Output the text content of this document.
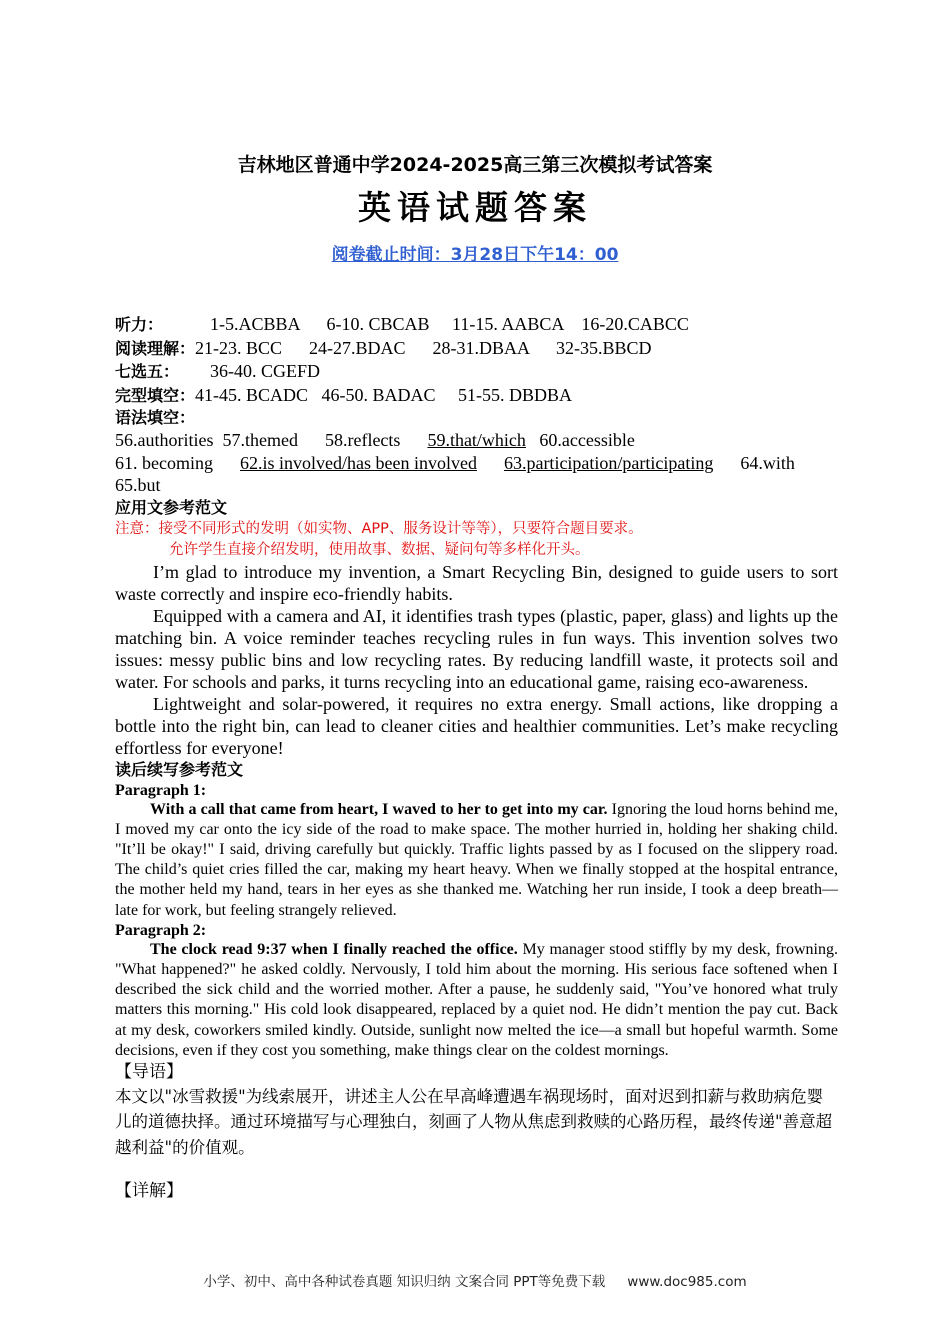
吉林地区普通中学2024-2025高三第三次模拟考试答案
英语试题答案
阅卷截止时间：3月28日下午14：00
听力：	1-5.ACBBA      6-10. CBCAB     11-15. AABCA    16-20.CABCC
阅读理解：21-23. BCC      24-27.BDAC      28-31.DBAA      32-35.BBCD
七选五： 36-40. CGEFD
完型填空：41-45. BCADC   46-50. BADAC     51-55. DBDBA
语法填空：
56.authorities 57.themed 58.reflects 59.that/which 60.accessible
61. becoming 62.is involved/has been involved 63.participation/participating 64.with
65.but
应用文参考范文
注意：接受不同形式的发明（如实物、APP、服务设计等等），只要符合题目要求。
允许学生直接介绍发明，使用故事、数据、疑问句等多样化开头。

I’m glad to introduce my invention, a Smart Recycling Bin, designed to guide users to sort waste correctly and inspire eco-friendly habits.

Equipped with a camera and AI, it identifies trash types (plastic, paper, glass) and lights up the matching bin. A voice reminder teaches recycling rules in fun ways. This invention solves two issues: messy public bins and low recycling rates. By reducing landfill waste, it protects soil and water. For schools and parks, it turns recycling into an educational game, raising eco-awareness.

Lightweight and solar-powered, it requires no extra energy. Small actions, like dropping a bottle into the right bin, can lead to cleaner cities and healthier communities. Let’s make recycling effortless for everyone!

读后续写参考范文
Paragraph 1:

With a call that came from heart, I waved to her to get into my car. Ignoring the loud horns behind me, I moved my car onto the icy side of the road to make space. The mother hurried in, holding her shaking child. "It’ll be okay!" I said, driving carefully but quickly. Traffic lights passed by as I focused on the slippery road. The child’s quiet cries filled the car, making my heart heavy. When we finally stopped at the hospital entrance, the mother held my hand, tears in her eyes as she thanked me. Watching her run inside, I took a deep breath—late for work, but feeling strangely relieved.

Paragraph 2:

The clock read 9:37 when I finally reached the office. My manager stood stiffly by my desk, frowning. "What happened?" he asked coldly. Nervously, I told him about the morning. His serious face softened when I described the sick child and the worried mother. After a pause, he suddenly said, "You’ve honored what truly matters this morning." His cold look disappeared, replaced by a quiet nod. He didn’t mention the pay cut. Back at my desk, coworkers smiled kindly. Outside, sunlight now melted the ice—a small but hopeful warmth. Some decisions, even if they cost you something, make things clear on the coldest mornings.

【导语】
本文以"冰雪救援"为线索展开，讲述主人公在早高峰遭遇车祸现场时，面对迟到扣薪与救助病危婴儿的道德抉择。通过环境描写与心理独白，刻画了人物从焦虑到救赎的心路历程，最终传递"善意超越利益"的价值观。
【详解】
小学、初中、高中各种试卷真题 知识归纳 文案合同 PPT等免费下载 www.doc985.com
